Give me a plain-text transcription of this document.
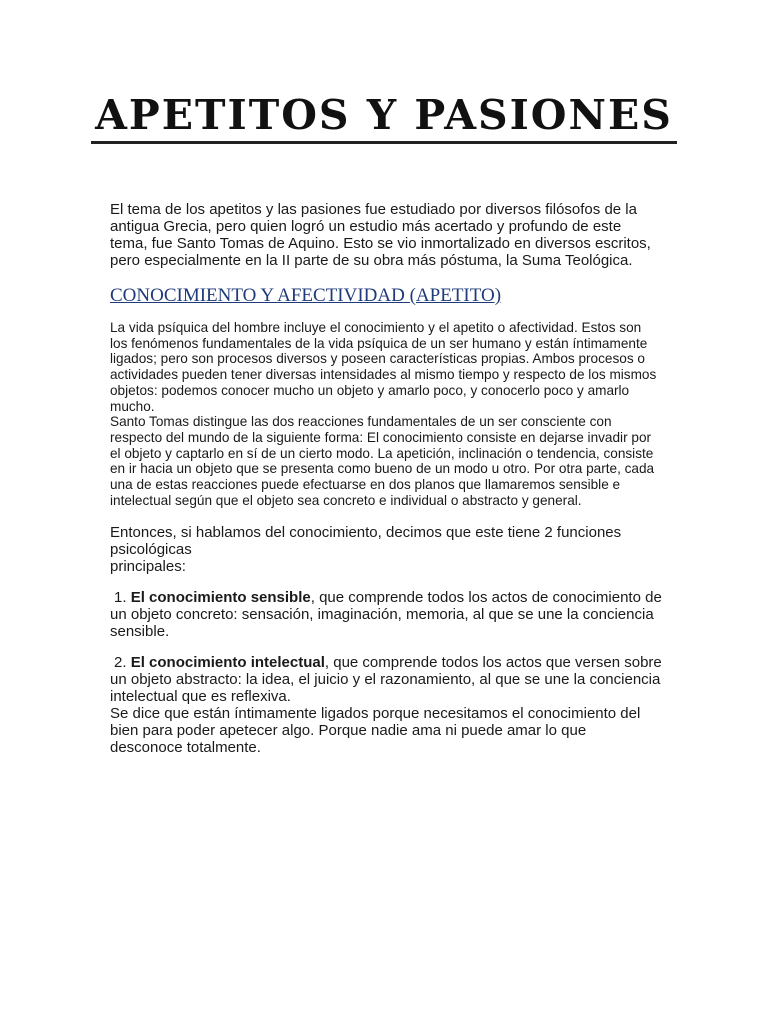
APETITOS Y PASIONES

El tema de los apetitos y las pasiones fue estudiado por diversos filósofos de la antigua Grecia, pero quien logró un estudio más acertado y profundo de este tema, fue Santo Tomas de Aquino. Esto se vio inmortalizado en diversos escritos, pero especialmente en la II parte de su obra más póstuma, la Suma Teológica.

CONOCIMIENTO Y AFECTIVIDAD (APETITO)

La vida psíquica del hombre incluye el conocimiento y el apetito o afectividad. Estos son los fenómenos fundamentales de la vida psíquica de un ser humano y están íntimamente ligados; pero son procesos diversos y poseen características propias. Ambos procesos o actividades pueden tener diversas intensidades al mismo tiempo y respecto de los mismos objetos: podemos conocer mucho un objeto y amarlo poco, y conocerlo poco y amarlo mucho.

Santo Tomas distingue las dos reacciones fundamentales de un ser consciente con respecto del mundo de la siguiente forma: El conocimiento consiste en dejarse invadir por el objeto y captarlo en sí de un cierto modo. La apetición, inclinación o tendencia, consiste en ir hacia un objeto que se presenta como bueno de un modo u otro. Por otra parte, cada una de estas reacciones puede efectuarse en dos planos que llamaremos sensible e intelectual según que el objeto sea concreto e individual o abstracto y general.

Entonces, si hablamos del conocimiento, decimos que este tiene 2 funciones
psicológicas
principales:

1. El conocimiento sensible, que comprende todos los actos de conocimiento de un objeto concreto: sensación, imaginación, memoria, al que se une la conciencia sensible.

2. El conocimiento intelectual, que comprende todos los actos que versen sobre un objeto abstracto: la idea, el juicio y el razonamiento, al que se une la conciencia intelectual que es reflexiva.

Se dice que están íntimamente ligados porque necesitamos el conocimiento del bien para poder apetecer algo. Porque nadie ama ni puede amar lo que desconoce totalmente.
